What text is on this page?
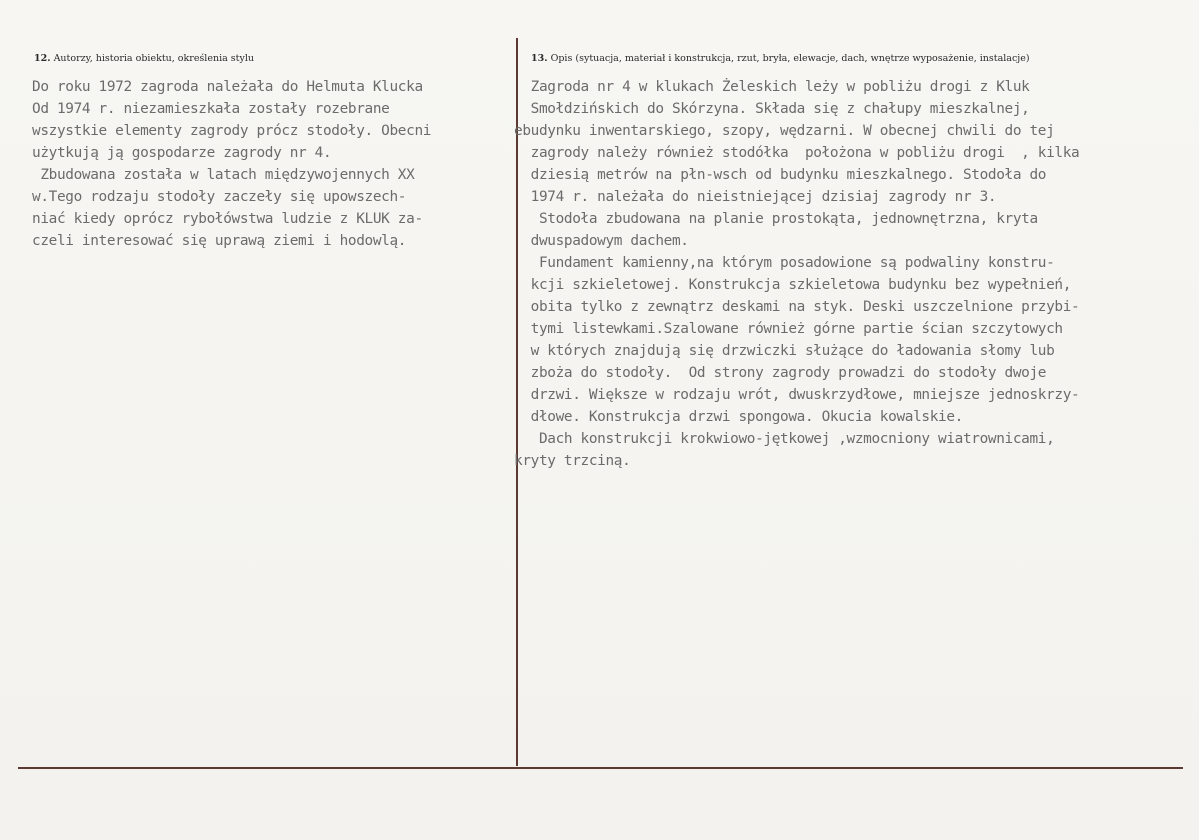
12. Autorzy, historia obiektu, określenia stylu	13. Opis (sytuacja, materiał i konstrukcja, rzut, bryła, elewacje, dach, wnętrze wyposażenie, instalacje)
Do roku 1972 zagroda należała do Helmuta Klucka
Od 1974 r. niezamieszkała zostały rozebrane
wszystkie elementy zagrody prócz stodoły. Obecni
użytkują ją gospodarze zagrody nr 4.
Zbudowana została w latach międzywojennych XX
w.Tego rodzaju stodoły zaczeły się upowszech-
niać kiedy oprócz rybołówstwa ludzie z KLUK za-
czeli interesować się uprawą ziemi i hodowlą.
Zagroda nr 4 w klukach Żeleskich leży w pobliżu drogi z Kluk
Smołdzińskich do Skórzyna. Składa się z chałupy mieszkalnej,
ebudynku inwentarskiego, szopy, wędzarni. W obecnej chwili do tej
zagrody należy również stodółka  położona w pobliżu drogi  , kilka
dziesią metrów na płn-wsch od budynku mieszkalnego. Stodoła do
1974 r. należała do nieistniejącej dzisiaj zagrody nr 3.
Stodoła zbudowana na planie prostokąta, jednownętrzna, kryta
dwuspadowym dachem.
Fundament kamienny,na którym posadowione są podwaliny konstru-
kcji szkieletowej. Konstrukcja szkieletowa budynku bez wypełnień,
obita tylko z zewnątrz deskami na styk. Deski uszczelnione przybi-
tymi listewkami.Szalowane również górne partie ścian szczytowych
w których znajdują się drzwiczki służące do ładowania słomy lub
zboża do stodoły.  Od strony zagrody prowadzi do stodoły dwoje
drzwi. Większe w rodzaju wrót, dwuskrzydłowe, mniejsze jednoskrzy-
dłowe. Konstrukcja drzwi spongowa. Okucia kowalskie.
Dach konstrukcji krokwiowo-jętkowej ,wzmocniony wiatrownicami,
kryty trzciną.
